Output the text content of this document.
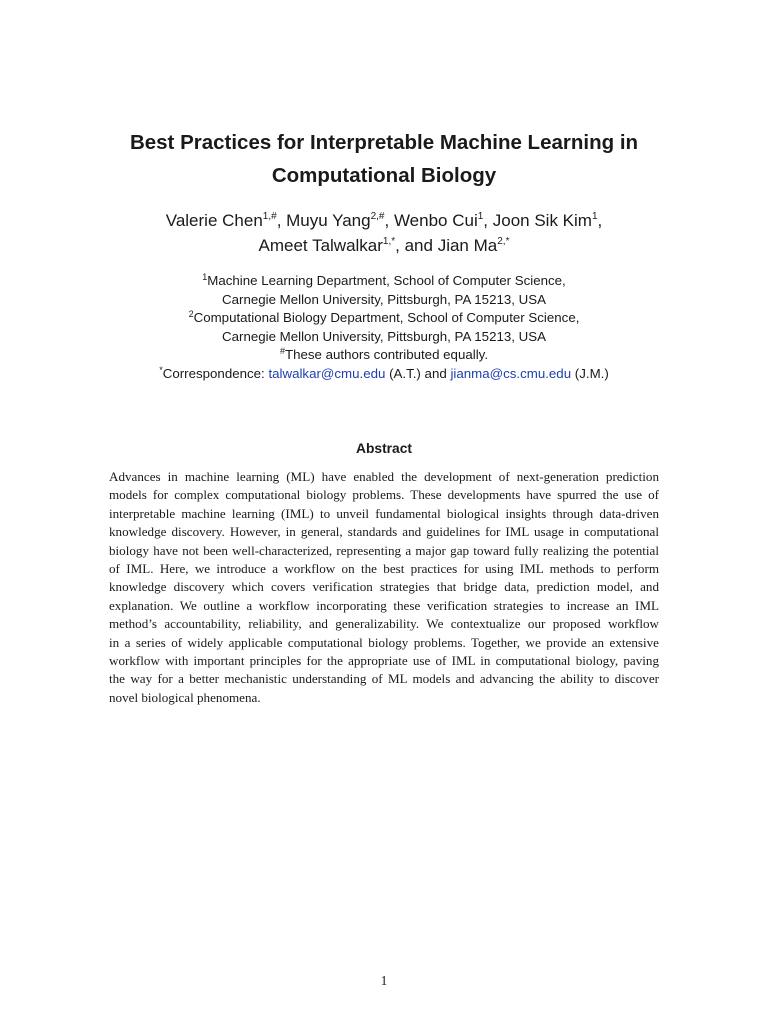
Best Practices for Interpretable Machine Learning in
Computational Biology
Valerie Chen$^{1,\#}$, Muyu Yang$^{2,\#}$, Wenbo Cui$^1$, Joon Sik Kim$^1$,
Ameet Talwalkar$^{1,*}$, and Jian $Ma^{2,*}$
$^1$Machine Learning Department, School of Computer Science,
Carnegie Mellon University, Pittsburgh, PA 15213, USA
$^2$Computational Biology Department, School of Computer Science,
Carnegie Mellon University, Pittsburgh, PA 15213, USA
#These authors contributed equally.
*Correspondence: talwalkar@cmu.edu (A.T.) and jianma@cs.cmu.edu (J.M.)
Abstract
Advances in machine learning (ML) have enabled the development of next-generation prediction
models for complex computational biology problems. These developments have spurred the use of
interpretable machine learning (IML) to unveil fundamental biological insights through data-driven
knowledge discovery. However, in general, standards and guidelines for IML usage in computational
biology have not been well-characterized, representing a major gap toward fully realizing the potential
of IML. Here, we introduce a workflow on the best practices for using IML methods to perform
knowledge discovery which covers verification strategies that bridge data, prediction model, and
explanation. We outline a workflow incorporating these verification strategies to increase an IML
method’s accountability, reliability, and generalizability. We contextualize our proposed workflow
in a series of widely applicable computational biology problems. Together, we provide an extensive
workflow with important principles for the appropriate use of IML in computational biology, paving
the way for a better mechanistic understanding of ML models and advancing the ability to discover
novel biological phenomena.
1
